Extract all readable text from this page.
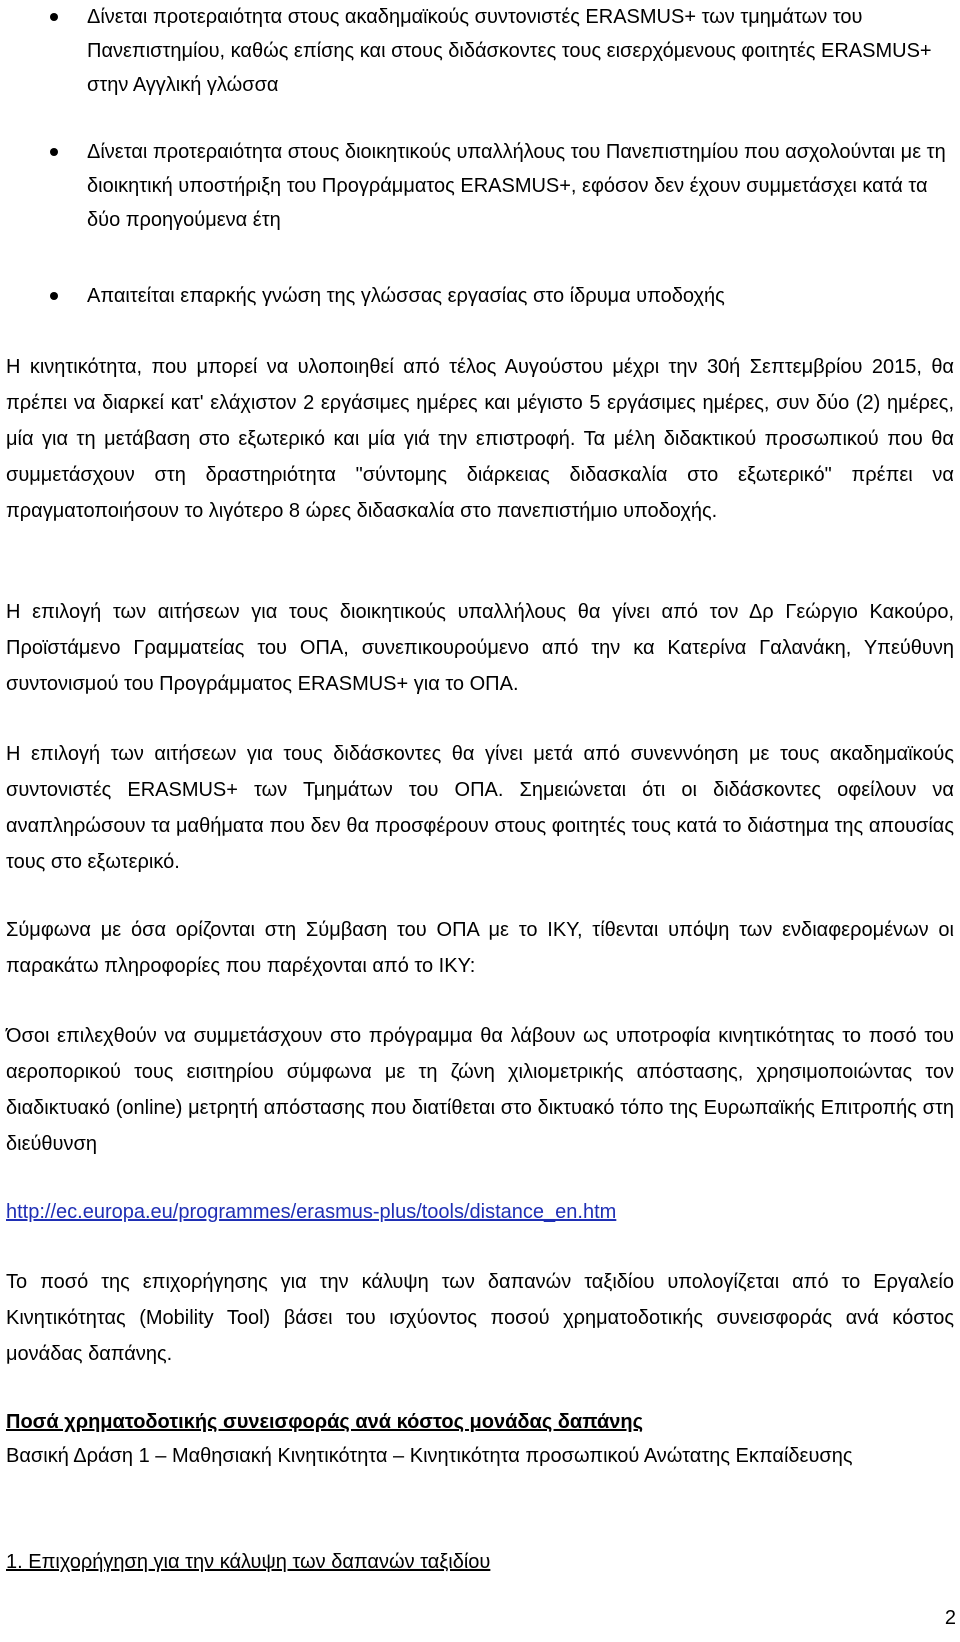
Δίνεται προτεραιότητα στους ακαδημαϊκούς συντονιστές ERASMUS+ των τμημάτων του Πανεπιστημίου, καθώς επίσης και στους διδάσκοντες τους εισερχόμενους φοιτητές ERASMUS+ στην Αγγλική γλώσσα
Δίνεται προτεραιότητα στους διοικητικούς υπαλλήλους του Πανεπιστημίου που ασχολούνται με τη διοικητική υποστήριξη του Προγράμματος ERASMUS+, εφόσον δεν έχουν συμμετάσχει κατά τα δύο προηγούμενα έτη
Απαιτείται επαρκής γνώση της γλώσσας εργασίας στο ίδρυμα υποδοχής

Η κινητικότητα, που μπορεί να υλοποιηθεί από τέλος Αυγούστου μέχρι την 30ή Σεπτεμβρίου 2015, θα πρέπει να διαρκεί κατ' ελάχιστον 2 εργάσιμες ημέρες και μέγιστο 5 εργάσιμες ημέρες, συν δύο (2) ημέρες, μία για τη μετάβαση στο εξωτερικό και μία γιά την επιστροφή. Τα μέλη διδακτικού προσωπικού που θα συμμετάσχουν στη δραστηριότητα "σύντομης διάρκειας διδασκαλία στο εξωτερικό" πρέπει να πραγματοποιήσουν το λιγότερο 8 ώρες διδασκαλία στο πανεπιστήμιο υποδοχής.

Η επιλογή των αιτήσεων για τους διοικητικούς υπαλλήλους θα γίνει από τον Δρ Γεώργιο Κακούρο, Προϊστάμενο Γραμματείας του ΟΠΑ, συνεπικουρούμενο από την κα Κατερίνα Γαλανάκη, Υπεύθυνη συντονισμού του Προγράμματος ERASMUS+ για το ΟΠΑ.

Η επιλογή των αιτήσεων για τους διδάσκοντες θα γίνει μετά από συνεννόηση με τους ακαδημαϊκούς συντονιστές ERASMUS+ των Τμημάτων του ΟΠΑ. Σημειώνεται ότι οι διδάσκοντες οφείλουν να αναπληρώσουν τα μαθήματα που δεν θα προσφέρουν στους φοιτητές τους κατά το διάστημα της απουσίας τους στο εξωτερικό.

Σύμφωνα με όσα ορίζονται στη Σύμβαση του ΟΠΑ με το ΙΚΥ, τίθενται υπόψη των ενδιαφερομένων οι παρακάτω πληροφορίες που παρέχονται από το ΙΚΥ:

Όσοι επιλεχθούν να συμμετάσχουν στο πρόγραμμα θα λάβουν ως υποτροφία κινητικότητας το ποσό του αεροπορικού τους εισιτηρίου σύμφωνα με τη ζώνη χιλιομετρικής απόστασης, χρησιμοποιώντας τον διαδικτυακό (online) μετρητή απόστασης που διατίθεται στο δικτυακό τόπο της Ευρωπαϊκής Επιτροπής στη διεύθυνση

http://ec.europa.eu/programmes/erasmus-plus/tools/distance_en.htm

Το ποσό της επιχορήγησης για την κάλυψη των δαπανών ταξιδίου υπολογίζεται από το Εργαλείο Κινητικότητας (Mobility Tool) βάσει του ισχύοντος ποσού χρηματοδοτικής συνεισφοράς ανά κόστος μονάδας δαπάνης.

Ποσά χρηματοδοτικής συνεισφοράς ανά κόστος μονάδας δαπάνης

Βασική Δράση 1 – Μαθησιακή Κινητικότητα – Κινητικότητα προσωπικού Ανώτατης Εκπαίδευσης

1. Επιχορήγηση για την κάλυψη των δαπανών ταξιδίου
2
